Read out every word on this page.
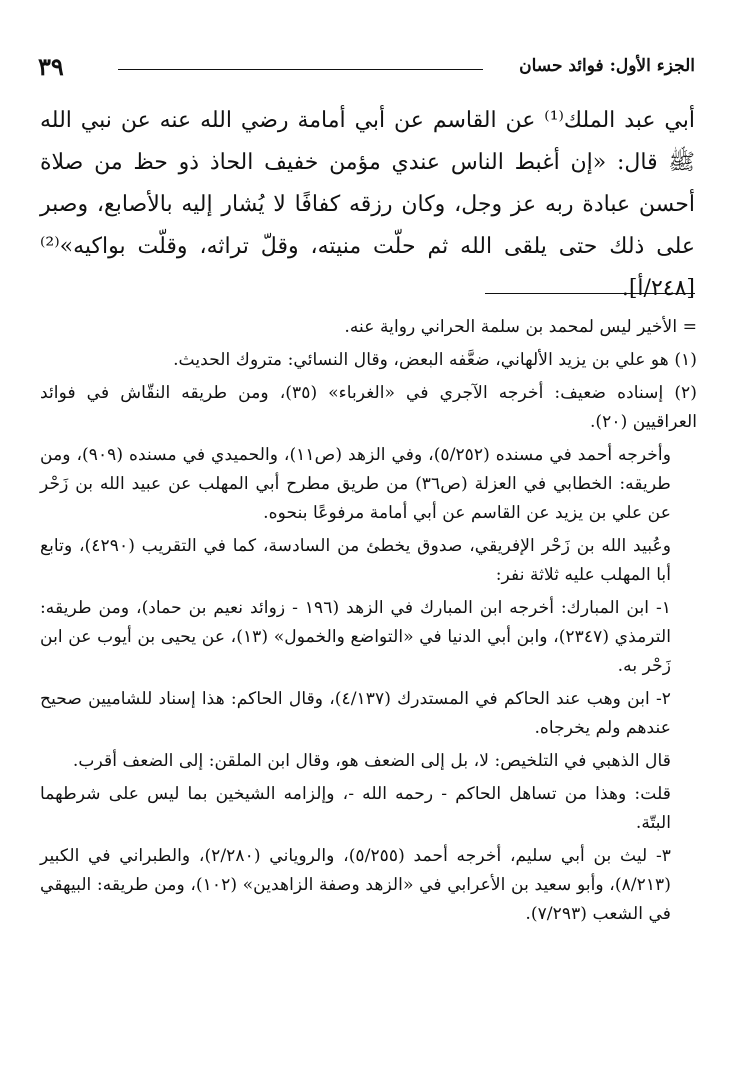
الجزء الأول: فوائد حسان
٣٩

أبي عبد الملك⁽¹⁾ عن القاسم عن أبي أمامة رضي الله عنه عن نبي الله ﷺ قال: «إن أغبط الناس عندي مؤمن خفيف الحاذ ذو حظ من صلاة أحسن عبادة ربه عز وجل، وكان رزقه كفافًا لا يُشار إليه بالأصابع، وصبر على ذلك حتى يلقى الله ثم حلّت منيته، وقلّ تراثه، وقلّت بواكيه»⁽²⁾ [٢٤٨/أ].

= الأخير ليس لمحمد بن سلمة الحراني رواية عنه.

(١) هو علي بن يزيد الألهاني، ضعَّفه البعض، وقال النسائي: متروك الحديث.

(٢) إسناده ضعيف: أخرجه الآجري في «الغرباء» (٣٥)، ومن طريقه النقّاش في فوائد العراقيين (٢٠).

وأخرجه أحمد في مسنده (٥/٢٥٢)، وفي الزهد (ص١١)، والحميدي في مسنده (٩٠٩)، ومن طريقه: الخطابي في العزلة (ص٣٦) من طريق مطرح أبي المهلب عن عبيد الله بن زَحْر عن علي بن يزيد عن القاسم عن أبي أمامة مرفوعًا بنحوه.

وعُبيد الله بن زَحْر الإفريقي، صدوق يخطئ من السادسة، كما في التقريب (٤٢٩٠)، وتابع أبا المهلب عليه ثلاثة نفر:

١- ابن المبارك: أخرجه ابن المبارك في الزهد (١٩٦ - زوائد نعيم بن حماد)، ومن طريقه: الترمذي (٢٣٤٧)، وابن أبي الدنيا في «التواضع والخمول» (١٣)، عن يحيى بن أيوب عن ابن زَحْر به.

٢- ابن وهب عند الحاكم في المستدرك (٤/١٣٧)، وقال الحاكم: هذا إسناد للشاميين صحيح عندهم ولم يخرجاه.

قال الذهبي في التلخيص: لا، بل إلى الضعف هو، وقال ابن الملقن: إلى الضعف أقرب.

قلت: وهذا من تساهل الحاكم - رحمه الله -، وإلزامه الشيخين بما ليس على شرطهما البتّة.

٣- ليث بن أبي سليم، أخرجه أحمد (٥/٢٥٥)، والروياني (٢/٢٨٠)، والطبراني في الكبير (٨/٢١٣)، وأبو سعيد بن الأعرابي في «الزهد وصفة الزاهدين» (١٠٢)، ومن طريقه: البيهقي في الشعب (٧/٢٩٣).
